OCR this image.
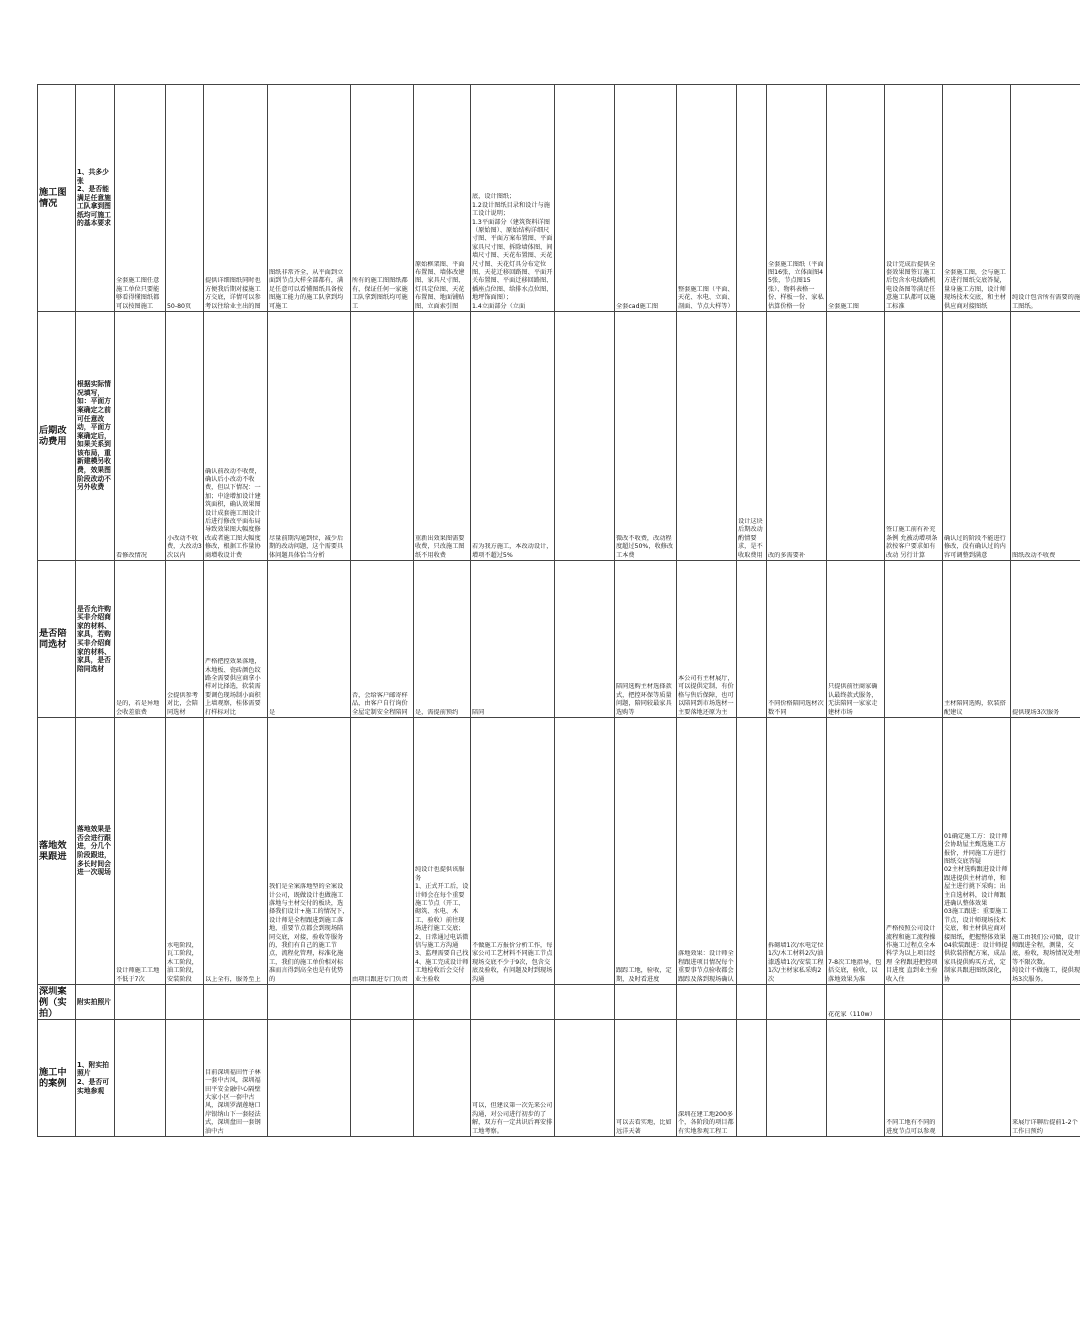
施工图情况	1、共多少张
2、是否能满足任意施工队拿到图纸均可施工的基本要求	全套施工图任意施工单位只要能够看得懂图纸都可以按图施工	50-80页	提供详细图纸同时也方便我后期对接施工方交底，详情可以参考以往给业主出的图	图纸非常齐全，从平面到立面到节点大样全部都有，满足任意可以看懂图纸具备按图施工能力的施工队拿到均可施工	所有的施工图图纸都有，保证任何一家施工队拿到图纸均可施工	原始框架图、平面布置图、墙体改建图、家具尺寸图、灯具定位图、天花布置图、地面铺贴图、立面索引图	底，设计图纸；
1.2设计图纸目录和设计与施工设计说明；
1.3平面部分（建筑资料详图（原始图）、原始结构详细尺寸图、平面方案布置图、平面家具尺寸图、拆除墙体图、间墙尺寸图、天花布置图、天花尺寸图、天花灯具分布定位图、天花迁移回路图、平面开关布置图、平面迁移回路图、插座点位图、给排水点位图、地坪饰面图）；
1.4立面部分（立面		全套cad施工图	整套施工图（平面、天花、水电、立面、剖面、节点大样等）		全套施工图纸（平面图16张，立体面图45张，节点图15张）、物料表格一份、样板一份、家私估算价格一份	全套施工图	设计完成后提供全套效果图签订施工后包含水电线路机电设备图等满足任意施工队都可以施工标准	全套施工图，会与施工方进行图纸交底答疑，量身施工方图，设计师现场技术交底，和主材供应商对接图纸	纯设计包含所有需要的施工图纸。

后期改动费用	根据实际情况填写，如：平面方案确定之前可任意改动，平面方案确定后，如果关系到该布局，重新建模另收费，效果图阶段改动不另外收费	看修改情况	小改动不收费，大改动3次以内	确认前改动不收费，确认后小改动不收费，但以下情况：一加；中途增加设计建筑面积，确认效果图设计成套施工图设计后进行修改平面布局导致效果图大幅度修改或者施工图大幅度修改，根据工作量协商增收设计费	尽量前期沟通到位，减少后期的改动问题，这个需要具体问题具体恰当分析		重新出效果图需要收费，只改施工图纸不用收费	若为我方施工，本改动设计，增项不超过5%		微改不收费，改动程度超过50%，收修改工本费		设计这块后期改动酌情要求，是不收取费用	改的多需要补		签订施工前有补充条例 允被动增项条款按客户要求如有改动 另行计算	确认过的阶段不能进行修改，没有确认过的内容可调整到满意	图纸改动不收费

是否陪同选材	是否允许购买非介绍商家的材料、家具，若购买非介绍商家的材料、家具，是否陪同选材	是的，若是异地会收差旅费	会提供参考对比，会陪同选材	严格把控效果落地，木地板、瓷砖颜色纹路全需要供应商拿小样对比择选，软装需要调色现场制小面积上墙观察，桂体需要打样标对比	是	否，会给客户邮寄样品，由客户自行询价全屋定制安全程陪同	是，需提前预约	陪同		陪同选购主材选择款式，把控环保等质量问题，陪同较最家具选购等	本公司有主材展厅，可以提供定制，有价格与售后保障，也可以陪同到市场选材一主要落地还原为主		不同价格陪同选材次数不同	只提供前往商家确认最终款式服务，无法陪同一家家走建材市场		主材陪同选购，软装搭配建议	提供现场3次服务

落地效果跟进	落地效果是否会进行跟进，分几个阶段跟进，多长时间会进一次现场	设计师施工工地不低于7次	水电阶段，瓦工阶段，木工阶段，油工阶段，安装阶段	以上全有，服务至上	我们是全案落地型的全案设计公司，既做设计也做施工落地与主材交付的板块，选择我们设计+施工的情况下，设计师是全程跟进到施工落地，重要节点都会到现场陪同交底，对接，验收等服务的，我们有自己的施工节点，流程化管理，标准化施工，我们的施工单价相对标准而言得到高全也是有优势的	由项目跟进专门负责	纯设计也提供该服务
1、正式开工后，设计师会在每个重要施工节点（开工、砌筑、水电、木工、验收）前往现场进行施工交底；
2、日常通过电话微信与施工方沟通
3、监理需要自己找
4、施工完成设计师工地检收后会交付业主验收	不做施工方报价分析工作，每家公司工艺材料不同施工节点现场交底不少于9次，包含交底及验收，有问题及时到现场沟通		跟踪工地，验收，定期，及时看进度	落地效果：设计师全程跟进项目情况每个重要事节点验收都会跟踪及落到现场确认		拆砌墙1次/水电定位1次/木工材料2次/油漆透墙1次/安装工程1次/主材家私采购2次	7-8次工地指导，包括交底，验收，以落地效果为准	严格按照公司设计流程和施工流程操作施工过程点全本科学为以上项目经理 全程跟进把控项目进度 直到业主验收入住	01确定施工方：设计师会协助屋主甄选施工方报价，并同施工方进行图纸交底答疑
02主材选购跟进设计师跟进提供主材清单，和屋主进行挑下采购；出主自选材料，设计师跟进确认整体效果
03施工跟进：重要施工节点，设计师现场技术交底，和主材供应商对接图纸，把握整体效果
04软装跟进：设计师提供软装搭配方案，成品家具提供购买方式，定制家具跟进图纸深化，协	施工由我们公司做，设计师跟进全程，测量，交底，验收，现场情况处理等不限次数。
纯设计不做施工，提供现场3次服务。

深圳案例（实拍）	附实拍照片													花花家（110w）			

施工中的案例	1、附实拍照片
2、是否可实地参观			目前深圳福田竹子林一套中古风，深圳福田平安金融中心隔壁大家小区一套中古风，深圳罗湖莲塘口岸银纳山下一套轻法式，深圳盘田一套钢油中古				可以，但建议第一次先来公司沟通，对公司进行初步的了解，双方有一定共识后再安排工地考察。		可以去看实地，比如远洋天著	深圳在建工地200多个，各阶段的项目都有实地参观工程工				不同工地有不同的进度节点可以参观		来展厅详聊后提前1-2个工作日预约
